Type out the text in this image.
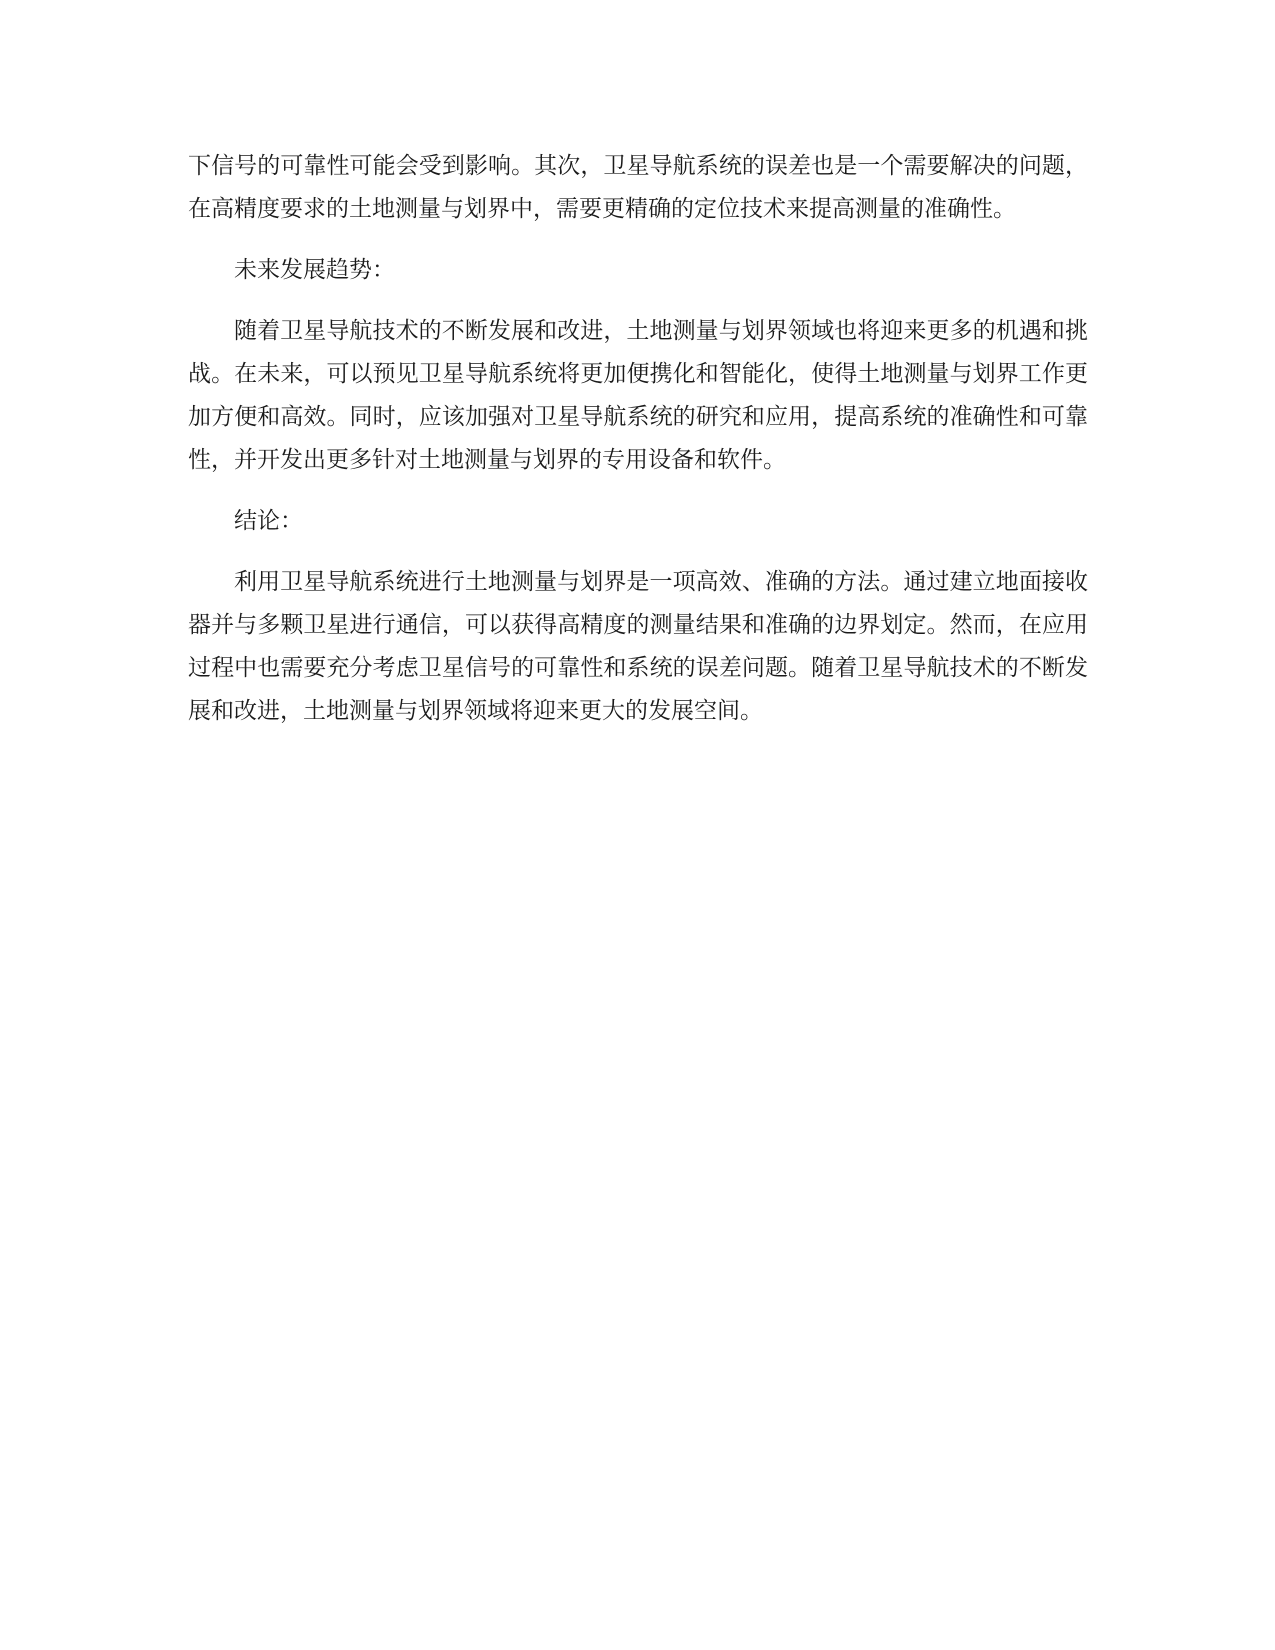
下信号的可靠性可能会受到影响。其次，卫星导航系统的误差也是一个需要解决的问题，在高精度要求的土地测量与划界中，需要更精确的定位技术来提高测量的准确性。

未来发展趋势：

随着卫星导航技术的不断发展和改进，土地测量与划界领域也将迎来更多的机遇和挑战。在未来，可以预见卫星导航系统将更加便携化和智能化，使得土地测量与划界工作更加方便和高效。同时，应该加强对卫星导航系统的研究和应用，提高系统的准确性和可靠性，并开发出更多针对土地测量与划界的专用设备和软件。

结论：

利用卫星导航系统进行土地测量与划界是一项高效、准确的方法。通过建立地面接收器并与多颗卫星进行通信，可以获得高精度的测量结果和准确的边界划定。然而，在应用过程中也需要充分考虑卫星信号的可靠性和系统的误差问题。随着卫星导航技术的不断发展和改进，土地测量与划界领域将迎来更大的发展空间。
